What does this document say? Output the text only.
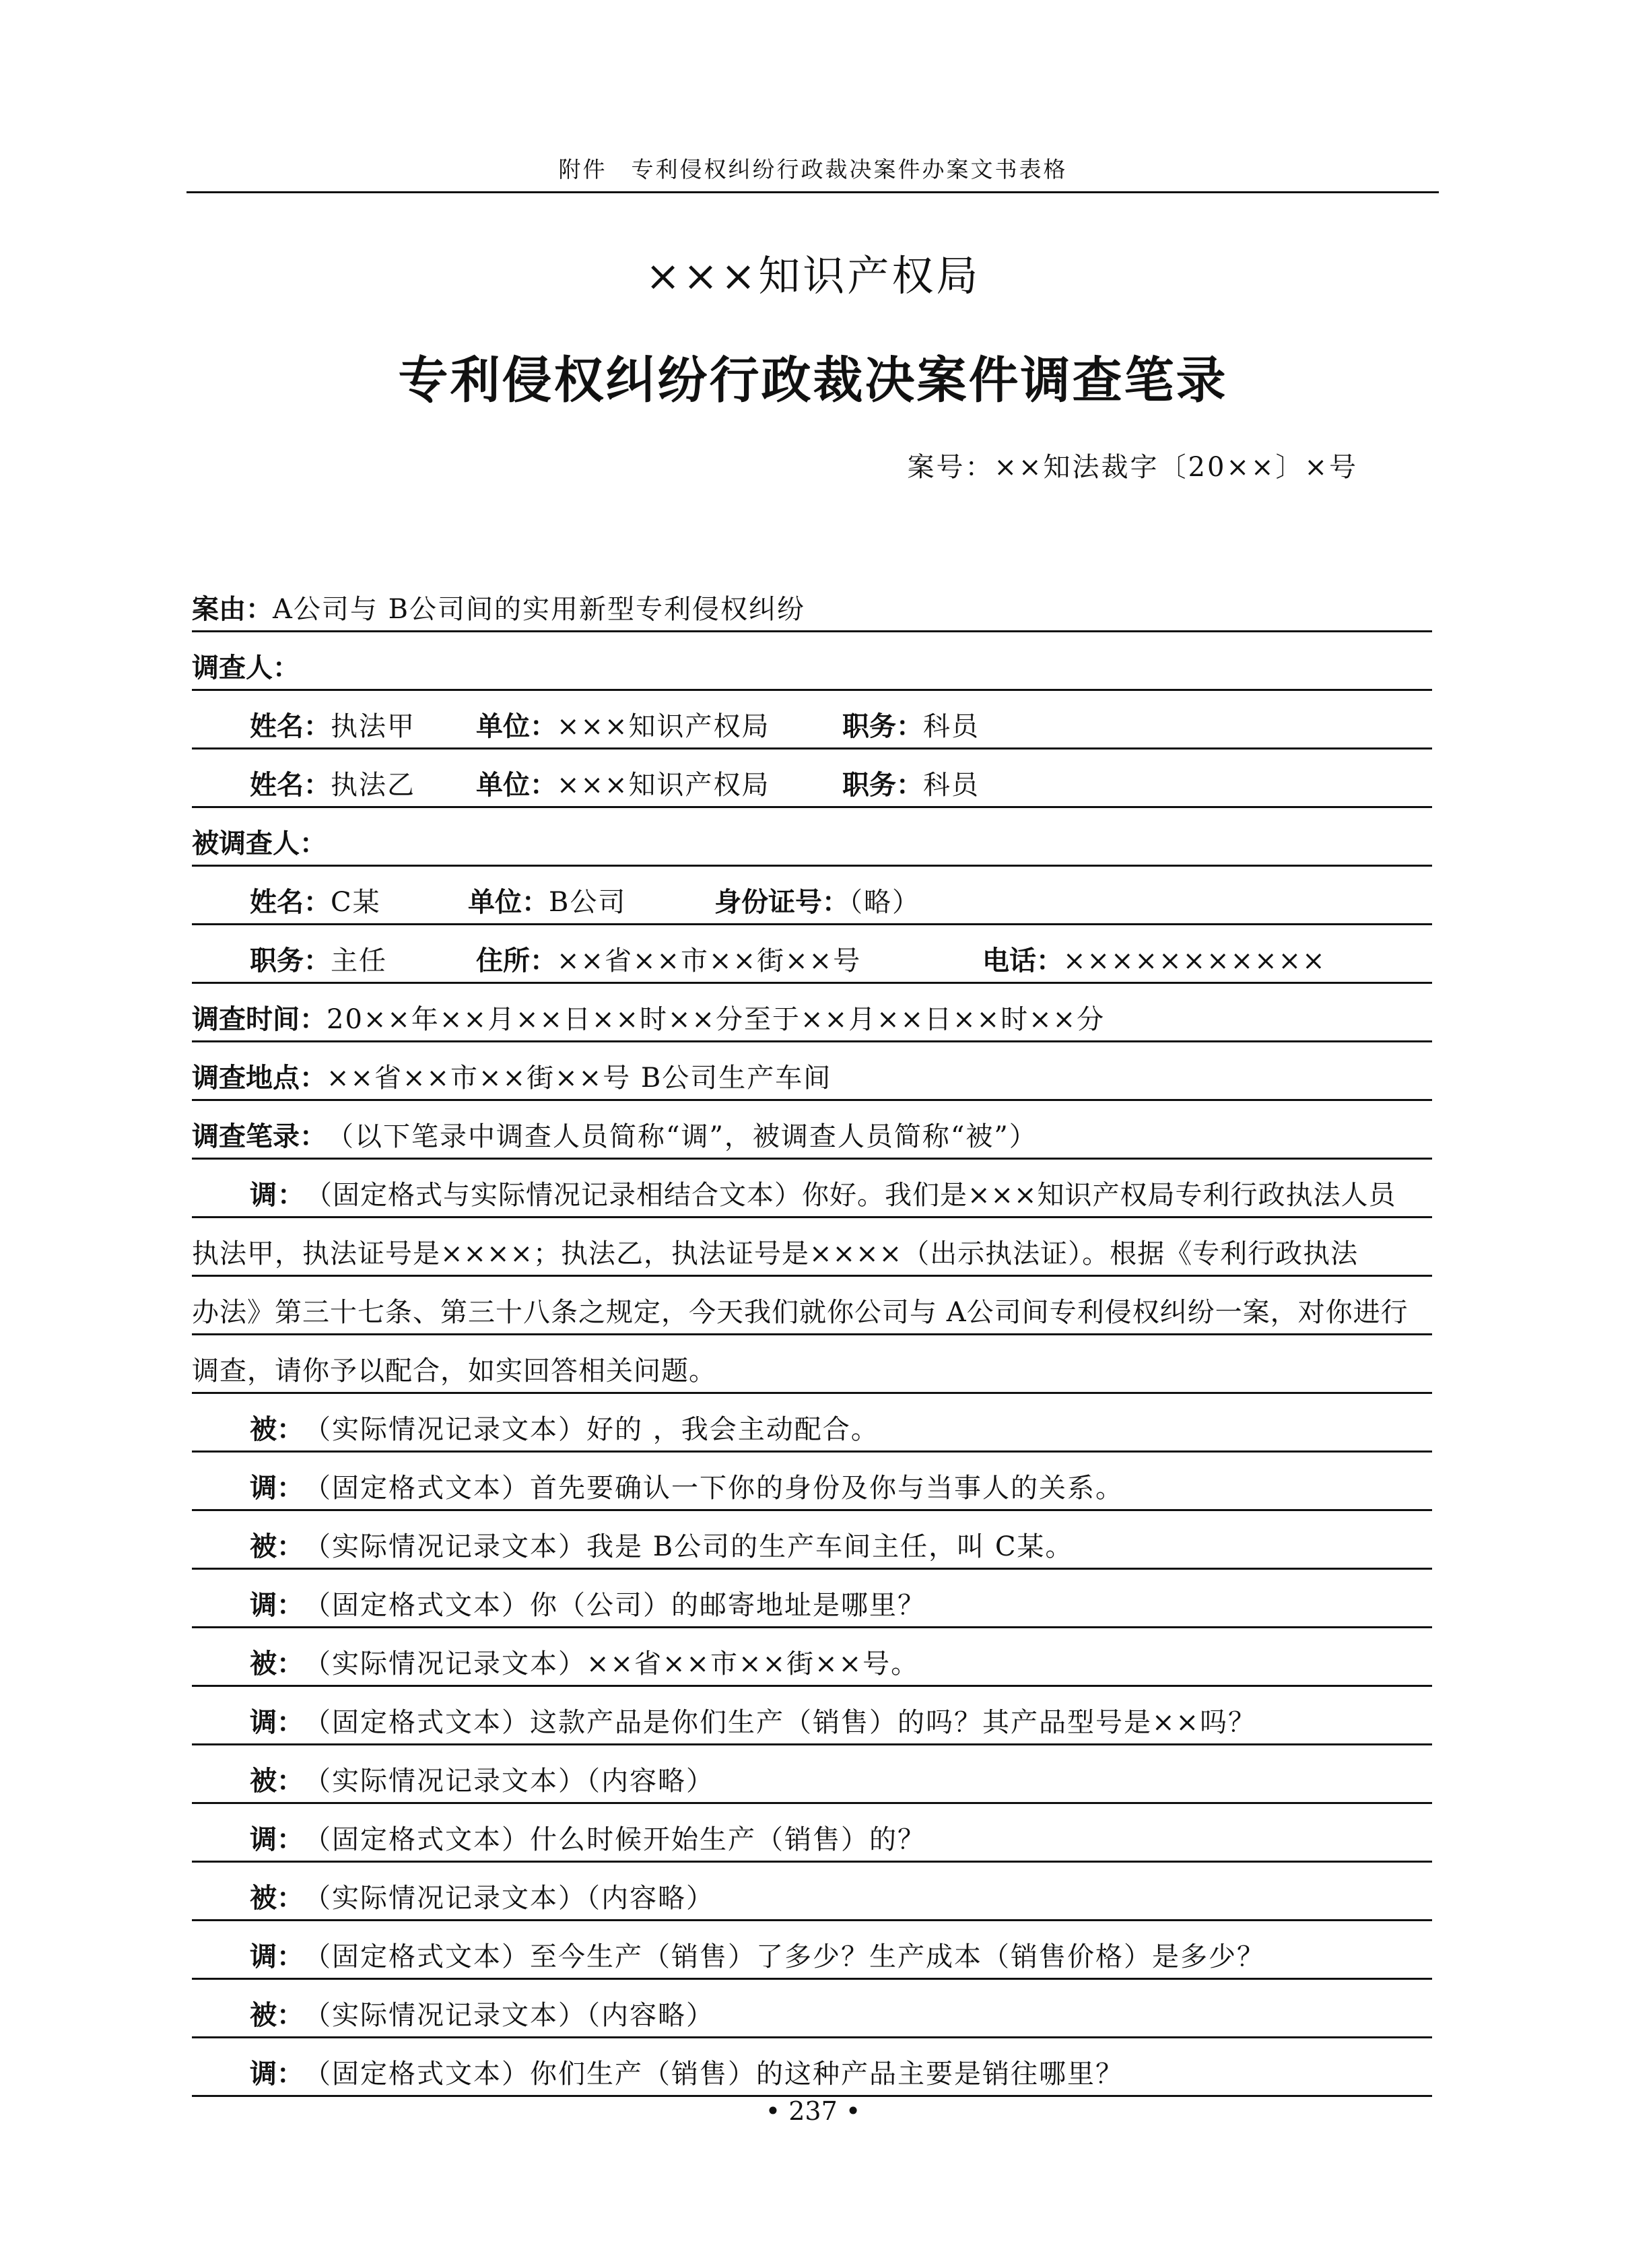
附件　专利侵权纠纷行政裁决案件办案文书表格
×××知识产权局
专利侵权纠纷行政裁决案件调查笔录
案号：××知法裁字〔20××〕×号
案由： A公司与 B公司间的实用新型专利侵权纠纷
调查人：
姓名：执法甲	单位：×××知识产权局	职务：科员
姓名：执法乙	单位：×××知识产权局	职务：科员
被调查人：
姓名：C某	单位：B公司	身份证号：（略）
职务：主任	住所：××省××市××街××号	电话：×××××××××××
调查时间： 20××年××月××日××时××分至于××月××日××时××分
调查地点： ××省××市××街××号 B公司生产车间
调查笔录： （以下笔录中调查人员简称“调”，被调查人员简称“被”）
调： （固定格式与实际情况记录相结合文本）你好。我们是×××知识产权局专利行政执法人员
执法甲，执法证号是××××；执法乙，执法证号是××××（出示执法证）。根据《专利行政执法
办法》第三十七条、第三十八条之规定，今天我们就你公司与 A公司间专利侵权纠纷一案，对你进行
调查，请你予以配合，如实回答相关问题。
被： （实际情况记录文本）好的 ，我会主动配合。
调： （固定格式文本）首先要确认一下你的身份及你与当事人的关系。
被： （实际情况记录文本）我是 B公司的生产车间主任，叫 C某。
调： （固定格式文本）你（公司）的邮寄地址是哪里？
被： （实际情况记录文本）××省××市××街××号。
调： （固定格式文本）这款产品是你们生产（销售）的吗？其产品型号是××吗？
被： （实际情况记录文本）（内容略）
调： （固定格式文本）什么时候开始生产（销售）的？
被： （实际情况记录文本）（内容略）
调： （固定格式文本）至今生产（销售）了多少？生产成本（销售价格）是多少？
被： （实际情况记录文本）（内容略）
调： （固定格式文本）你们生产（销售）的这种产品主要是销往哪里？
• 237 •
